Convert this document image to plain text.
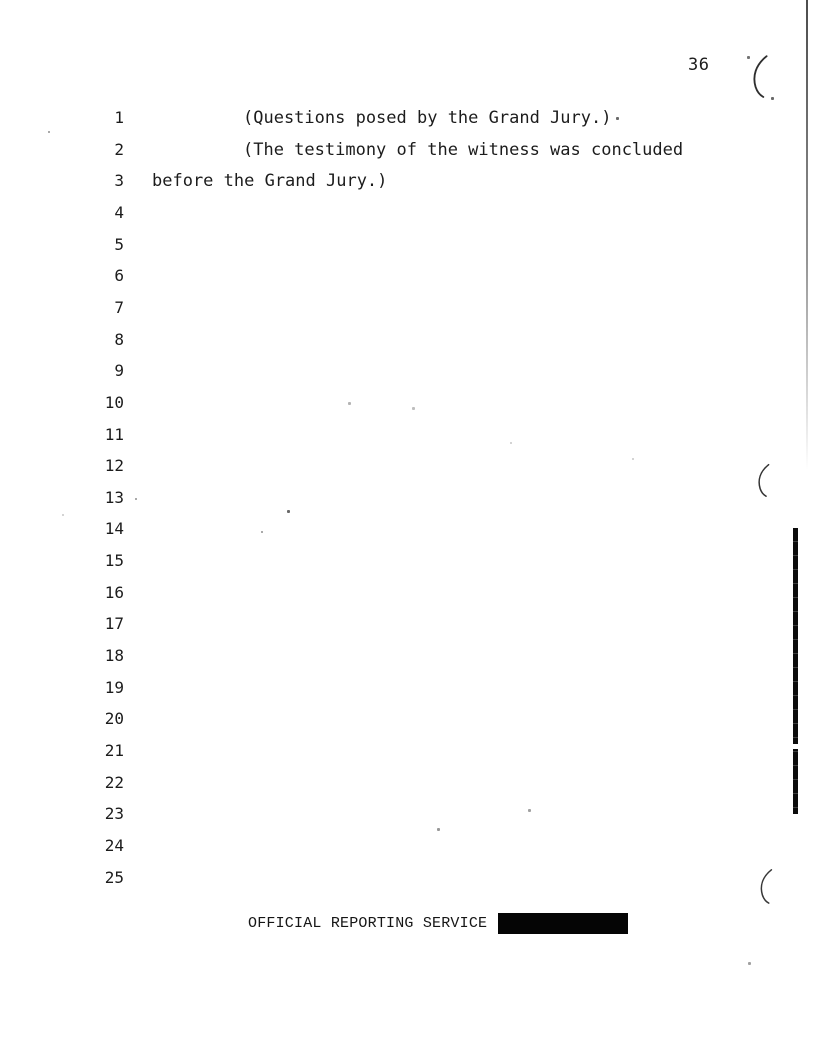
36
1	(Questions posed by the Grand Jury.)
2	(The testimony of the witness was concluded
3 before the Grand Jury.)
4
5
6
7
8
9
10
11
12
13
14
15
16
17
18
19
20
21
22
23
24
25
OFFICIAL REPORTING SERVICE
